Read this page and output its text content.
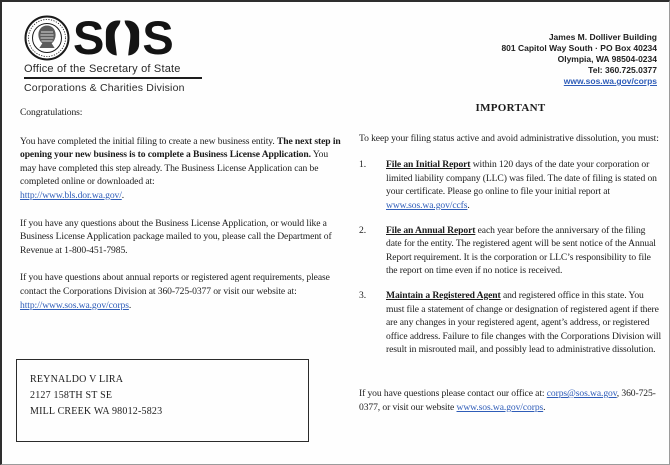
S S
Office of the Secretary of State
Corporations & Charities Division
James M. Dolliver Building
801 Capitol Way South · PO Box 40234
Olympia, WA 98504-0234
Tel: 360.725.0377
www.sos.wa.gov/corps

Congratulations:

You have completed the initial filing to create a new business entity. The next step in opening your new business is to complete a Business License Application. You may have completed this step already. The Business License Application can be completed online or downloaded at:
http://www.bls.dor.wa.gov/.

If you have any questions about the Business License Application, or would like a Business License Application package mailed to you, please call the Department of Revenue at 1-800-451-7985.

If you have questions about annual reports or registered agent requirements, please contact the Corporations Division at 360-725-0377 or visit our website at: http://www.sos.wa.gov/corps.

IMPORTANT

To keep your filing status active and avoid administrative dissolution, you must:

1.	File an Initial Report within 120 days of the date your corporation or limited liability company (LLC) was filed. The date of filing is stated on your certificate. Please go online to file your initial report at
www.sos.wa.gov/ccfs.
2.	File an Annual Report each year before the anniversary of the filing date for the entity. The registered agent will be sent notice of the Annual Report requirement. It is the corporation or LLC’s responsibility to file the report on time even if no notice is received.
3.	Maintain a Registered Agent and registered office in this state. You must file a statement of change or designation of registered agent if there are any changes in your registered agent, agent’s address, or registered office address. Failure to file changes with the Corporations Division will result in misrouted mail, and possibly lead to administrative dissolution.
REYNALDO V LIRA
2127 158TH ST SE
MILL CREEK WA 98012-5823
If you have questions please contact our office at: corps@sos.wa.gov, 360-725-0377, or visit our website www.sos.wa.gov/corps.
